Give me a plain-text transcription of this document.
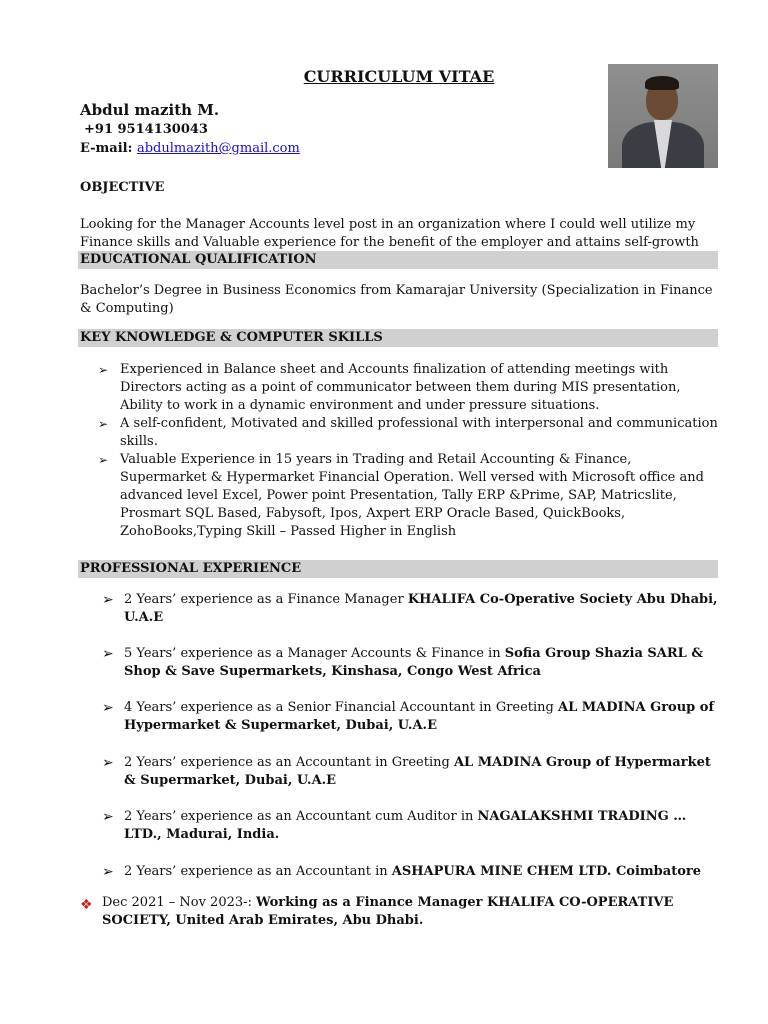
CURRICULUM VITAE
Abdul mazith M.
+91 9514130043
E-mail: abdulmazith@gmail.com
OBJECTIVE
Looking for the Manager Accounts level post in an organization where I could well utilize my Finance skills and Valuable experience for the benefit of the employer and attains self-growth
EDUCATIONAL QUALIFICATION
Bachelor’s Degree in Business Economics from Kamarajar University (Specialization in Finance & Computing)
KEY KNOWLEDGE & COMPUTER SKILLS
➢ Experienced in Balance sheet and Accounts finalization of attending meetings with Directors acting as a point of communicator between them during MIS presentation, Ability to work in a dynamic environment and under pressure situations.
➢ A self-confident, Motivated and skilled professional with interpersonal and communication skills.
➢ Valuable Experience in 15 years in Trading and Retail Accounting & Finance, Supermarket & Hypermarket Financial Operation. Well versed with Microsoft office and advanced level Excel, Power point Presentation, Tally ERP &Prime, SAP, Matricslite, Prosmart SQL Based, Fabysoft, Ipos, Axpert ERP Oracle Based, QuickBooks, ZohoBooks,Typing Skill – Passed Higher in English
PROFESSIONAL EXPERIENCE
➢ 2 Years’ experience as a Finance Manager KHALIFA Co-Operative Society Abu Dhabi, U.A.E
➢ 5 Years’ experience as a Manager Accounts & Finance in Sofia Group Shazia SARL & Shop & Save Supermarkets, Kinshasa, Congo West Africa
➢ 4 Years’ experience as a Senior Financial Accountant in Greeting AL MADINA Group of Hypermarket & Supermarket, Dubai, U.A.E
➢ 2 Years’ experience as an Accountant in Greeting AL MADINA Group of Hypermarket & Supermarket, Dubai, U.A.E
➢ 2 Years’ experience as an Accountant cum Auditor in NAGALAKSHMI TRADING … LTD., Madurai, India.
➢ 2 Years’ experience as an Accountant in ASHAPURA MINE CHEM LTD. Coimbatore
❖ Dec 2021 – Nov 2023-: Working as a Finance Manager KHALIFA CO-OPERATIVE SOCIETY, United Arab Emirates, Abu Dhabi.
